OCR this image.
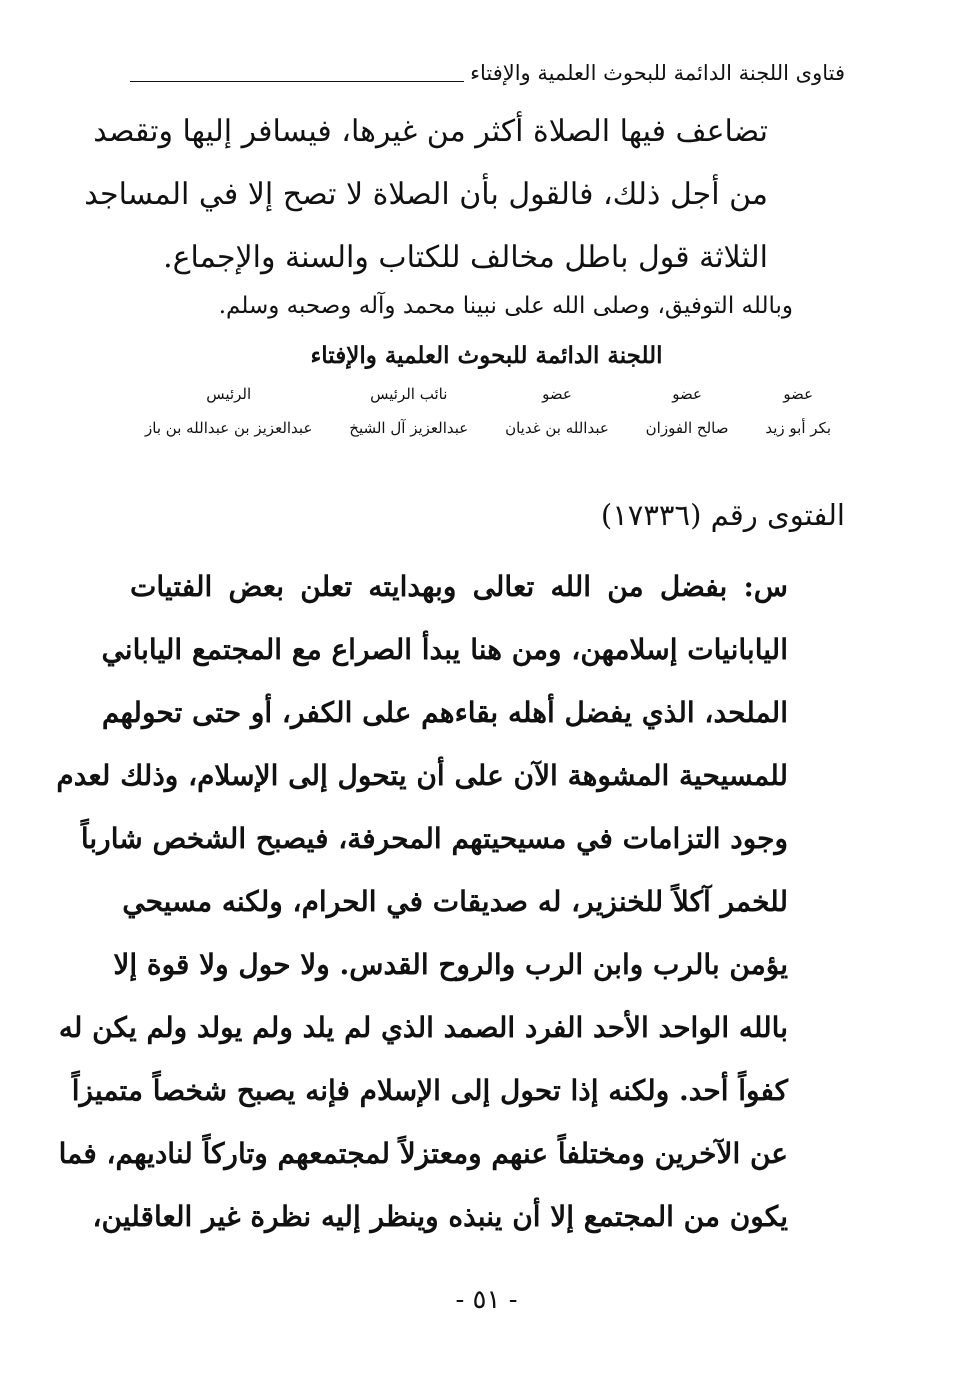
فتاوى اللجنة الدائمة للبحوث العلمية والإفتاء
تضاعف فيها الصلاة أكثر من غيرها، فيسافر إليها وتقصد
من أجل ذلك، فالقول بأن الصلاة لا تصح إلا في المساجد
الثلاثة قول باطل مخالف للكتاب والسنة والإجماع.
وبالله التوفيق، وصلى الله على نبينا محمد وآله وصحبه وسلم.
اللجنة الدائمة للبحوث العلمية والإفتاء
عضو
بكر أبو زيد
عضو
صالح الفوزان
عضو
عبدالله بن غديان
نائب الرئيس
عبدالعزيز آل الشيخ
الرئيس
عبدالعزيز بن عبدالله بن باز
الفتوى رقم (١٧٣٣٦)
س: بفضل من الله تعالى وبهدايته تعلن بعض الفتيات
اليابانيات إسلامهن، ومن هنا يبدأ الصراع مع المجتمع الياباني
الملحد، الذي يفضل أهله بقاءهم على الكفر، أو حتى تحولهم
للمسيحية المشوهة الآن على أن يتحول إلى الإسلام، وذلك لعدم
وجود التزامات في مسيحيتهم المحرفة، فيصبح الشخص شارباً
للخمر آكلاً للخنزير، له صديقات في الحرام، ولكنه مسيحي
يؤمن بالرب وابن الرب والروح القدس. ولا حول ولا قوة إلا
بالله الواحد الأحد الفرد الصمد الذي لم يلد ولم يولد ولم يكن له
كفواً أحد. ولكنه إذا تحول إلى الإسلام فإنه يصبح شخصاً متميزاً
عن الآخرين ومختلفاً عنهم ومعتزلاً لمجتمعهم وتاركاً لناديهم، فما
يكون من المجتمع إلا أن ينبذه وينظر إليه نظرة غير العاقلين،
- ٥١ -
